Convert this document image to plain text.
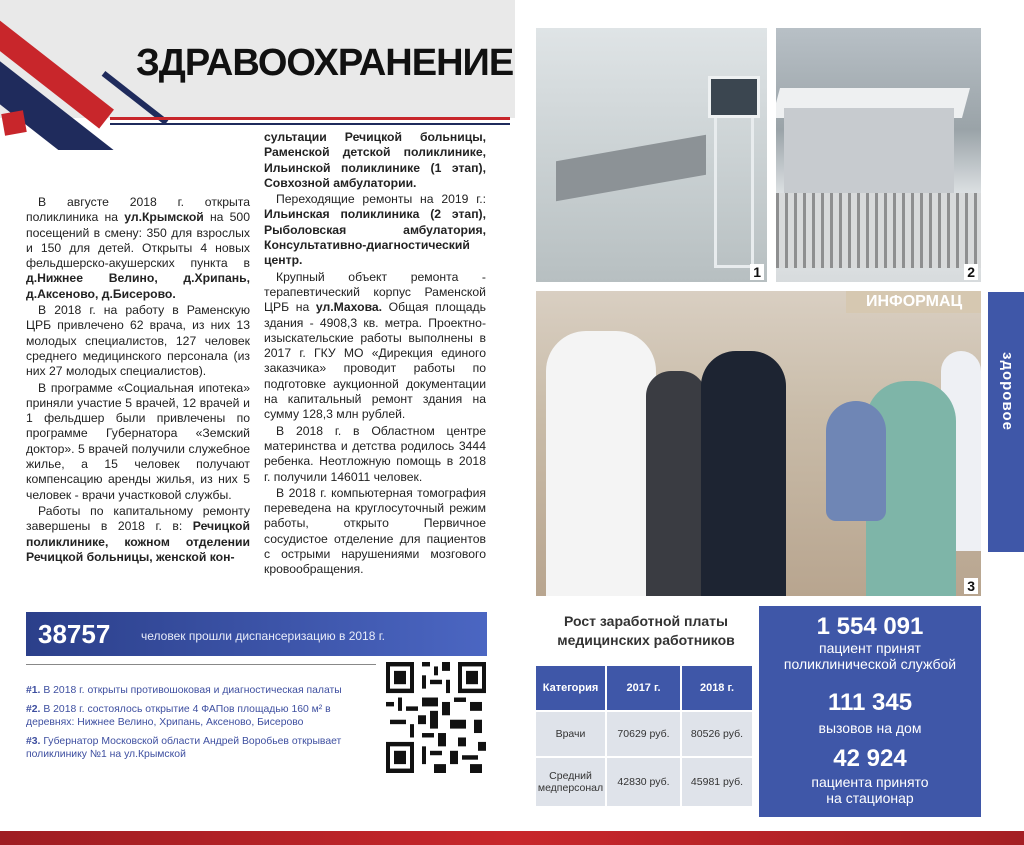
ЗДРАВООХРАНЕНИЕ

В августе 2018 г. открыта поликлиника на ул.Крымской на 500 посещений в смену: 350 для взрослых и 150 для детей. Открыты 4 новых фельдшерско-акушерских пункта в д.Нижнее Велино, д.Хрипань, д.Аксеново, д.Бисерово.

В 2018 г. на работу в Раменскую ЦРБ привлечено 62 врача, из них 13 молодых специалистов, 127 человек среднего медицинского персонала (из них 27 молодых специалистов).

В программе «Социальная ипотека» приняли участие 5 врачей, 12 врачей и 1 фельдшер были привлечены по программе Губернатора «Земский доктор». 5 врачей получили служебное жилье, а 15 человек получают компенсацию аренды жилья, из них 5 человек - врачи участковой службы.

Работы по капитальному ремонту завершены в 2018 г. в: Речицкой поликлинике, кожном отделении Речицкой больницы, женской кон-

сультации Речицкой больницы, Раменской детской поликлинике, Ильинской поликлинике (1 этап), Совхозной амбулатории.

Переходящие ремонты на 2019 г.: Ильинская поликлиника (2 этап), Рыболовская амбулатория, Консультативно-диагностический центр.

Крупный объект ремонта - терапевтический корпус Раменской ЦРБ на ул.Махова. Общая площадь здания - 4908,3 кв. метра. Проектно-изыскательские работы выполнены в 2017 г. ГКУ МО «Дирекция единого заказчика» проводит работы по подготовке аукционной документации на капитальный ремонт здания на сумму 128,3 млн рублей.

В 2018 г. в Областном центре материнства и детства родилось 3444 ребенка. Неотложную помощь в 2018 г. получили 146011 человек.

В 2018 г. компьютерная томография переведена на круглосуточный режим работы, открыто Первичное сосудистое отделение для пациентов с острыми нарушениями мозгового кровообращения.

1	2
ИНФОРМАЦ
3
здоровое
38757	человек прошли диспансеризацию в 2018 г.

#1. В 2018 г. открыты противошоковая и диагностическая палаты

#2. В 2018 г. состоялось открытие 4 ФАПов площадью 160 м² в деревнях: Нижнее Велино, Хрипань, Аксеново, Бисерово

#3. Губернатор Московской области Андрей Воробьев открывает поликлинику №1 на ул.Крымской

Рост заработной платы медицинских работников
Категория	2017 г.	2018 г.
Врачи	70629 руб.	80526 руб.
Средний медперсонал	42830 руб.	45981 руб.
1 554 091
пациент принят поликлинической службой
111 345
вызовов на дом
42 924
пациента принято на стационар
